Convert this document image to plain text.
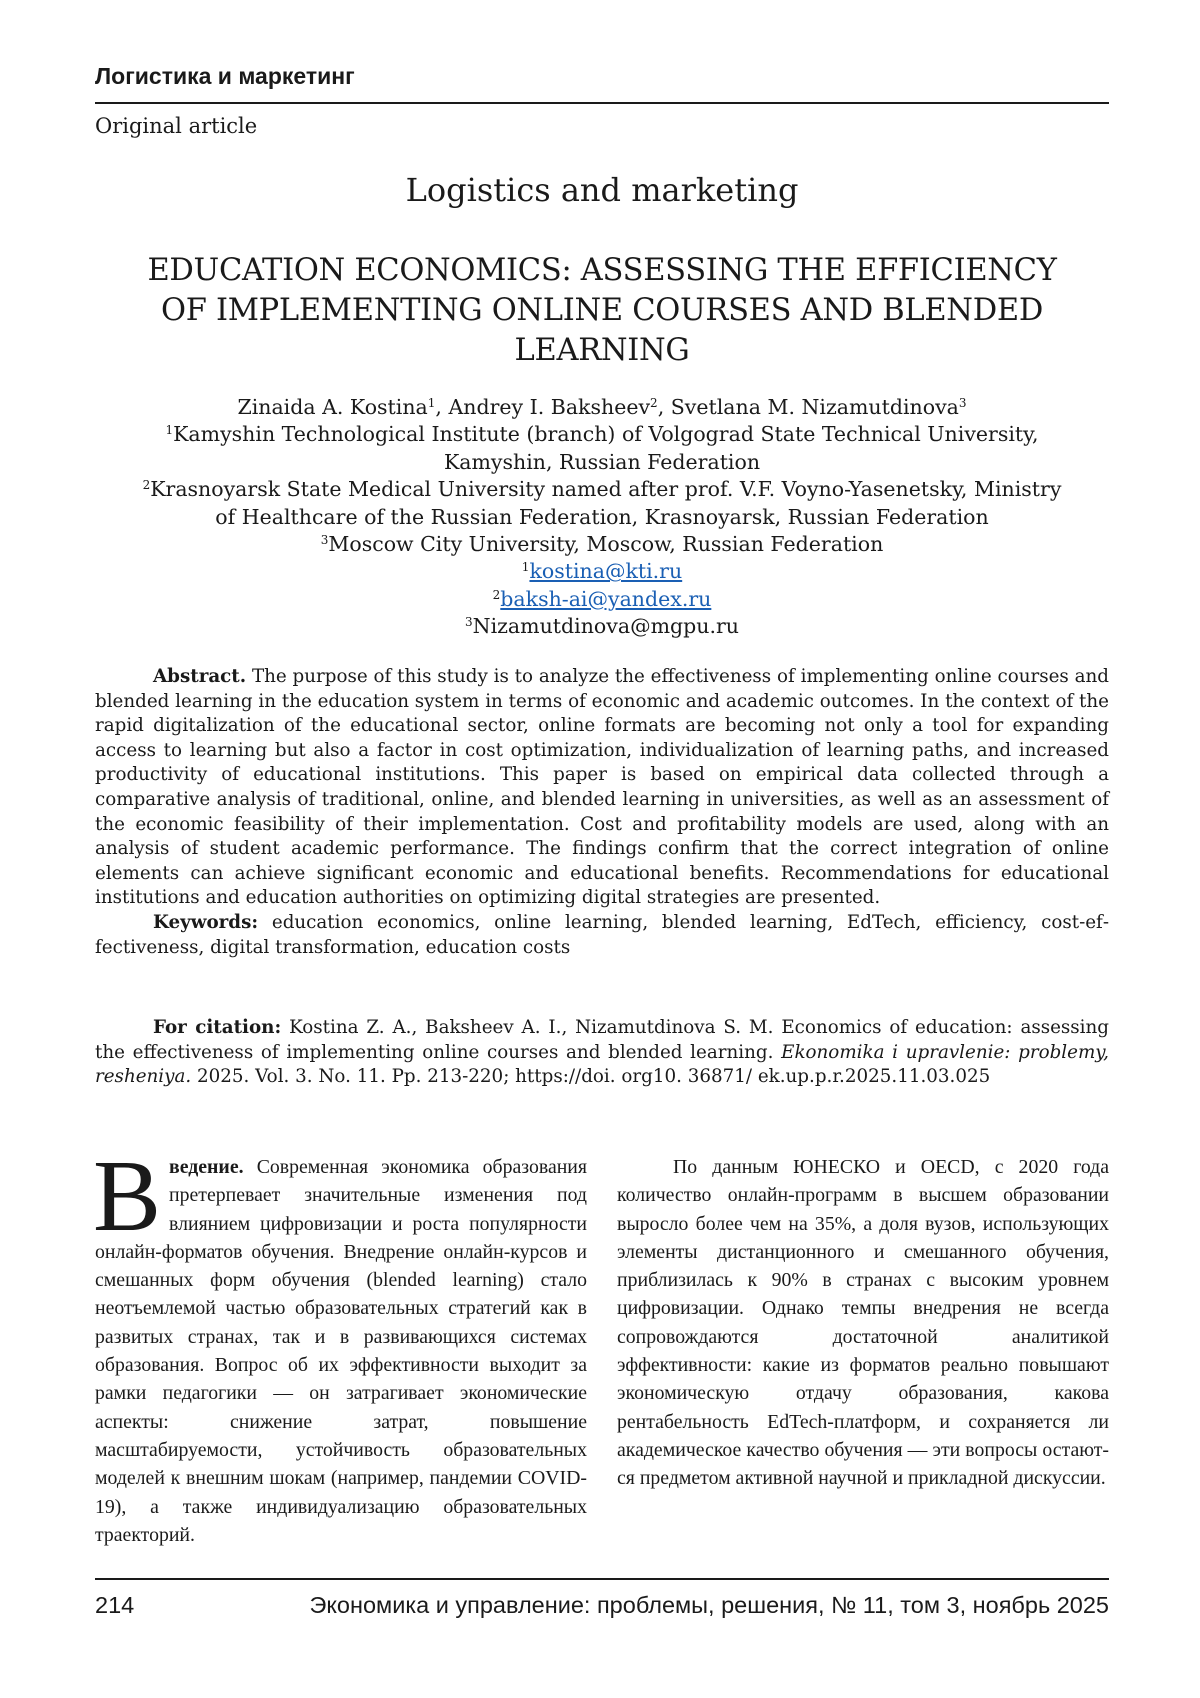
Логистика и маркетинг
Original article
Logistics and marketing
EDUCATION ECONOMICS: ASSESSING THE EFFICIENCY
OF IMPLEMENTING ONLINE COURSES AND BLENDED
LEARNING
Zinaida A. Kostina$^1$, Andrey I. Baksheev$^2$, Svetlana M. Nizamutdinova$^3$
$^1$Kamyshin Technological Institute (branch) of Volgograd State Technical University,
Kamyshin, Russian Federation
$^2$Krasnoyarsk State Medical University named after prof. V.F. Voyno-Yasenetsky, Ministry
of Healthcare of the Russian Federation, Krasnoyarsk, Russian Federation
$^3$Moscow City University, Moscow, Russian Federation
$^1$kostina@kti.ru
$^2$baksh-ai@yandex.ru
$^3$Nizamutdinova@mgpu.ru

Abstract. The purpose of this study is to analyze the effectiveness of implementing online courses and blended learning in the education system in terms of economic and academic outcomes. In the context of the rapid digitalization of the educational sector, online formats are becoming not only a tool for expanding access to learning but also a factor in cost optimization, individualization of learning paths, and increased productivity of educational institutions. This paper is based on empirical data collected through a comparative analysis of traditional, online, and blended learning in universities, as well as an assessment of the economic feasibility of their implementation. Cost and profitability models are used, along with an analysis of student academic performance. The findings confirm that the correct integration of online elements can achieve significant economic and educational benefits. Recommendations for educational institutions and education authorities on optimizing digital strategies are presented.

Keywords: education economics, online learning, blended learning, EdTech, efficiency, cost-effectiveness, digital transformation, education costs

For citation: Kostina Z. A., Baksheev A. I., Nizamutdinova S. M. Economics of education: assessing the effectiveness of implementing online courses and blended learning. Ekonomika i upravlenie: problemy, resheniya. 2025. Vol. 3. No. 11. Pp. 213-220; https://doi. org10. 36871/ ek.up.p.r.2025.11.03.025

Введение. Современная экономика образования претерпевает значительные изменения под влиянием цифровизации и роста популярности онлайн-форматов обучения. Внедрение онлайн-курсов и смешанных форм обучения (blended learning) стало неотъемлемой частью образовательных стратегий как в развитых странах, так и в развивающихся системах образования. Вопрос об их эффективности выходит за рамки педагогики — он затрагивает экономические аспекты: снижение затрат, повышение масштабируемости, устойчивость образовательных моделей к внешним шокам (например, пандемии COVID-19), а также индивидуализацию образовательных траекторий.

По данным ЮНЕСКО и OECD, с 2020 года количество онлайн-программ в высшем образовании выросло более чем на 35%, а доля вузов, использующих элементы дистанционного и смешанного обучения, приблизилась к 90% в странах с высоким уровнем цифровизации. Однако темпы внедрения не всегда сопровождаются достаточной аналитикой эффективности: какие из форматов реально повышают экономическую отдачу образования, какова рентабельность EdTech-платформ, и сохраняется ли академическое качество обучения — эти вопросы остаются предметом активной научной и прикладной дискуссии.

214	Экономика и управление: проблемы, решения, № 11, том 3, ноябрь 2025
